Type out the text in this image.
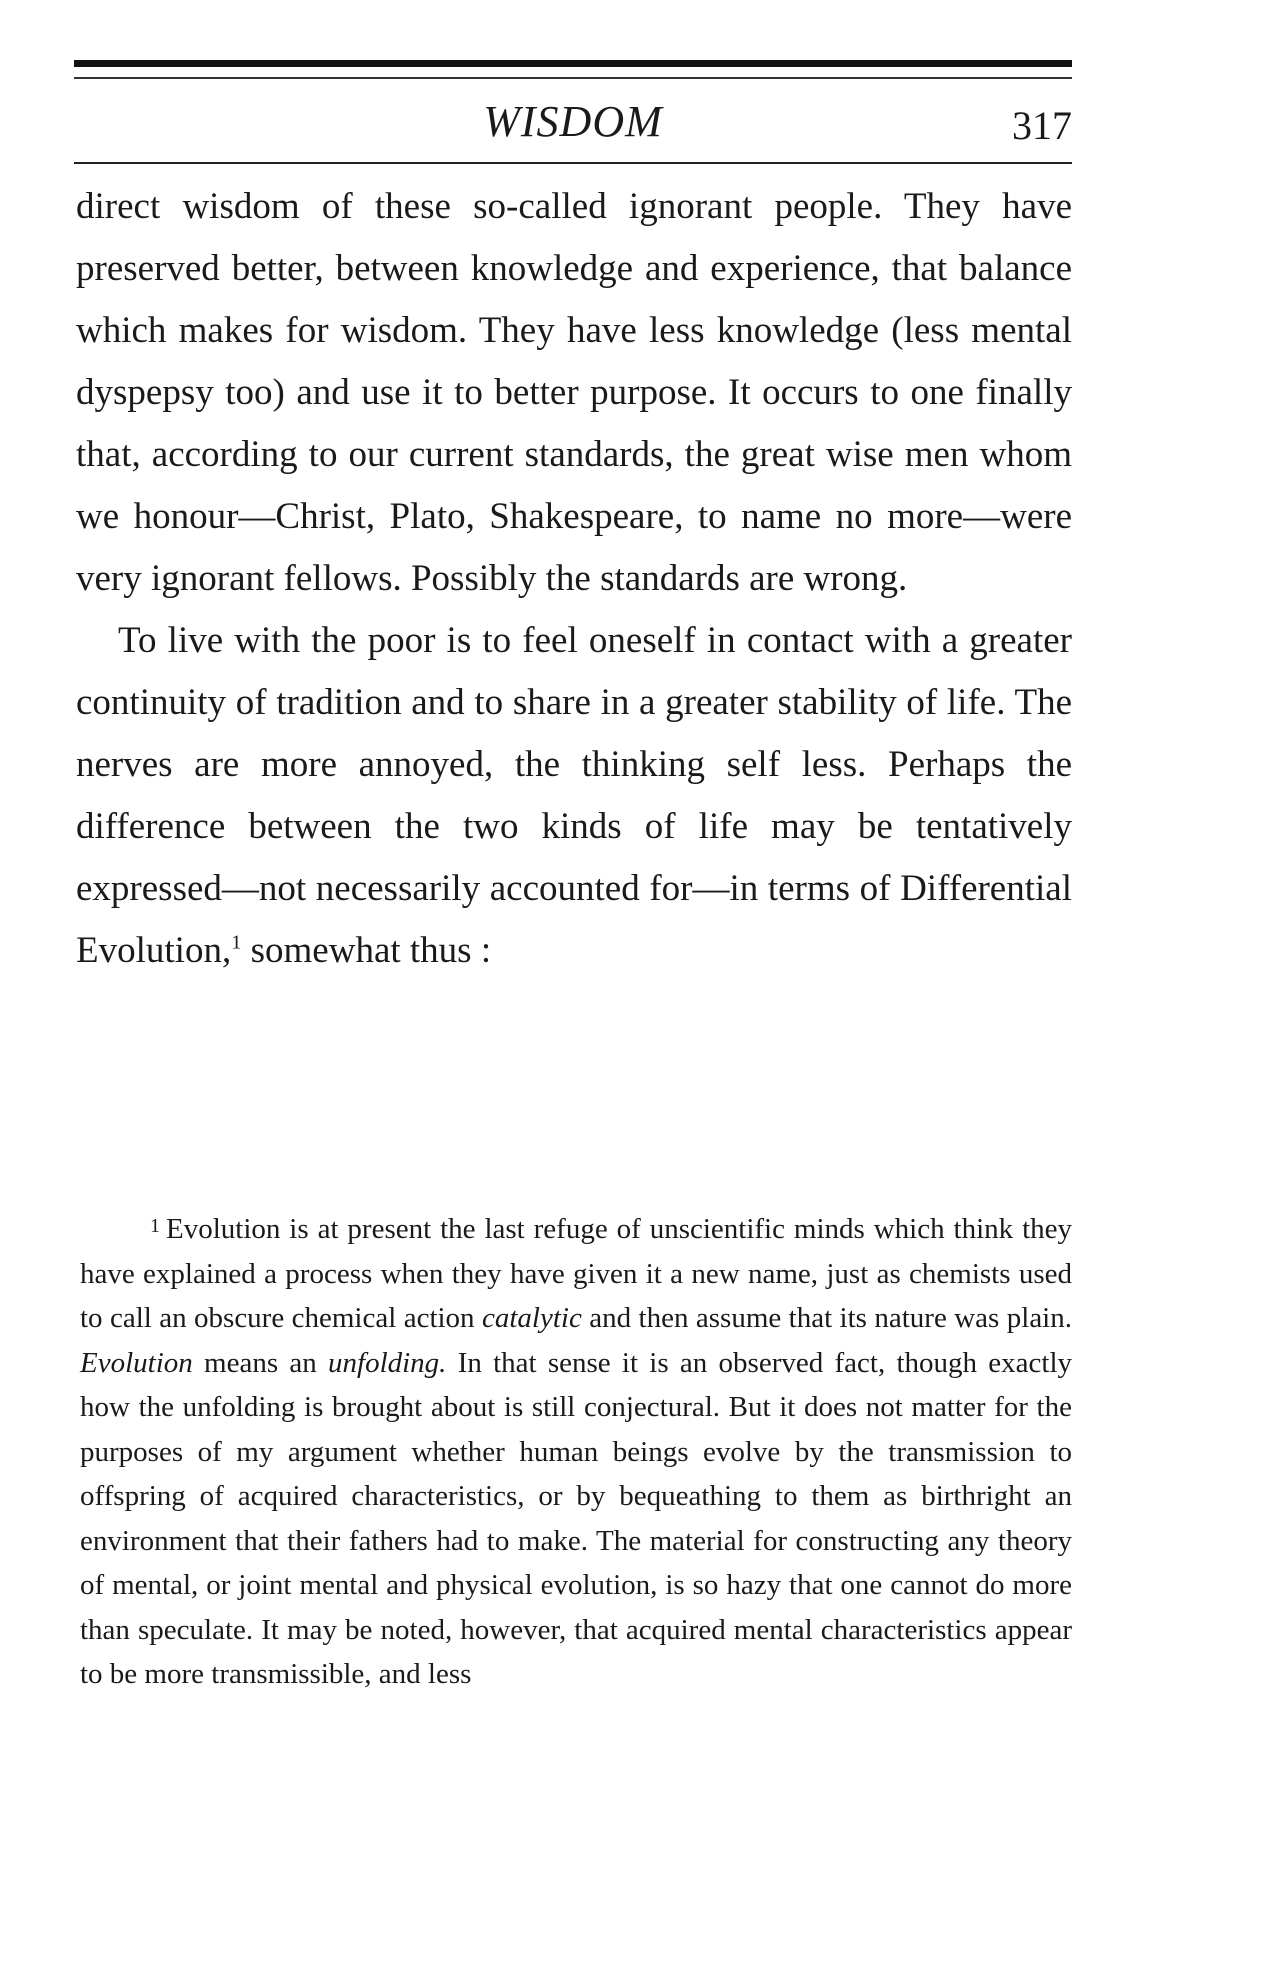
WISDOM	317

direct wisdom of these so-called ignorant people. They have preserved better, between knowledge and experience, that balance which makes for wisdom. They have less knowledge (less mental dyspepsy too) and use it to better purpose. It occurs to one finally that, according to our current standards, the great wise men whom we honour—Christ, Plato, Shakespeare, to name no more—were very ignorant fellows. Possibly the standards are wrong.

To live with the poor is to feel oneself in contact with a greater continuity of tradition and to share in a greater stability of life. The nerves are more annoyed, the thinking self less. Perhaps the difference between the two kinds of life may be tentatively expressed—not necessarily accounted for—in terms of Differential Evolution,$^1$ somewhat thus :

$^1$ Evolution is at present the last refuge of unscientific minds which think they have explained a process when they have given it a new name, just as chemists used to call an obscure chemical action catalytic and then assume that its nature was plain. Evolution means an unfolding. In that sense it is an observed fact, though exactly how the unfolding is brought about is still conjectural. But it does not matter for the purposes of my argument whether human beings evolve by the transmission to offspring of acquired characteristics, or by bequeathing to them as birthright an environment that their fathers had to make. The material for constructing any theory of mental, or joint mental and physical evolution, is so hazy that one cannot do more than speculate. It may be noted, however, that acquired mental characteristics appear to be more transmissible, and less
